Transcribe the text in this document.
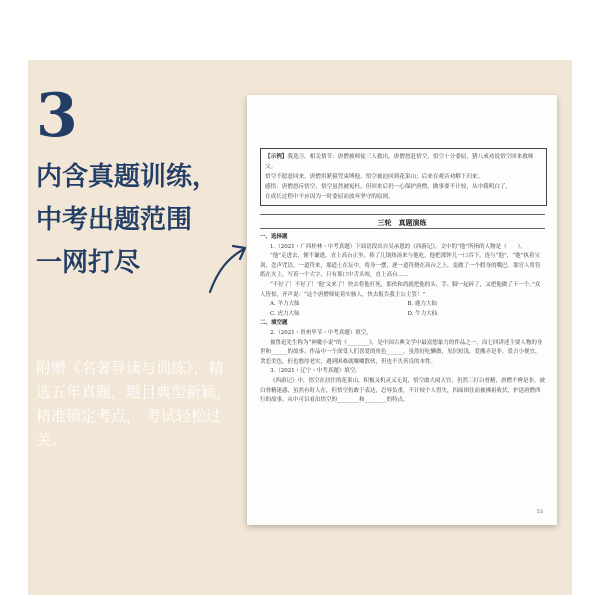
3
内含真题训练，
中考出题范围
一网打尽
附赠《名著导读与训练》，精选五年真题，题目典型新颖，精准锁定考点， 考试轻松过关。
【示例】我选③。相关情节：唐僧被师徒三人救出，唐僧怒赶悟空，悟空十分委屈，猪八戒劝说悟空回来救师父。
悟空不愿意回来，唐僧用紧箍咒束缚他，悟空被迫回到花果山；后来在观音劝解下归来。
感悟：唐僧怒斥悟空，悟空虽然被冤枉，但回来后仍一心保护唐僧。做事要不计较，从中我明白了，
在成长过程中不应因为一时委屈而放弃坚守的原则。
三轮　真题演练
一、选择题
1.（2021・广西桂林・中考真题）下面语段出自吴承恩的《西游记》，文中的“他”所指的人物是（　　）。
“他”走进去，便不谦逊，直上高台正坐。捧了几锅热汤来与他吃，他把那钟儿一口吞下，连与“他”，“他”执着宝剑，念声咒语，一道符来，那道士在坛中，将身一摆，逐一道符烧在高台之上，变做了一个假身的嘴巴。那官人将符纸在火上，写着一个大字，只有那口中舌头咬，直上高台……
“不好了！不好了！‘他’又来了！快去将他打死，那伙和尚就把他的头、手、脚一起碎了，又把他做了下一个。”众人皆惊，齐声说：“这个唐僧师徒着实骇人，快去报告我主公主罢！”
A. 羊力大仙	B. 鹿力大仙
C. 虎力大仙	D. 牛力大仙
二、填空题
2.（2021・贵州毕节・中考真题）填空。
被鲁迅先生称为“神魔小说”的《________》，是中国古典文学中最富想象力的作品之一。而七回讲述主要人物的身世和______的故事。作品中一个深受人们喜爱的角色______，虽然好吃懒做，见识短浅，爱搬弄是非，爱占小便宜，贪恋美色，但也憨厚老实，遇到困难就嚷嚷散伙，但也不失善良的本性。
3.（2021・辽宁・中考真题）填空。
《西游记》中，悟空在居住的花果山，积极又机灵又无畏，悟空敢大闹天宫，仍然三打白骨精，唐僧不辨是非，被白骨精迷惑，虽然有时人在，但悟空仍敢于表达，忍辱负重，不计较个人得失，四面困住而被佛祖收伏，护送唐僧西行的故事。从中可以看出悟空的________和________的特点。
53
